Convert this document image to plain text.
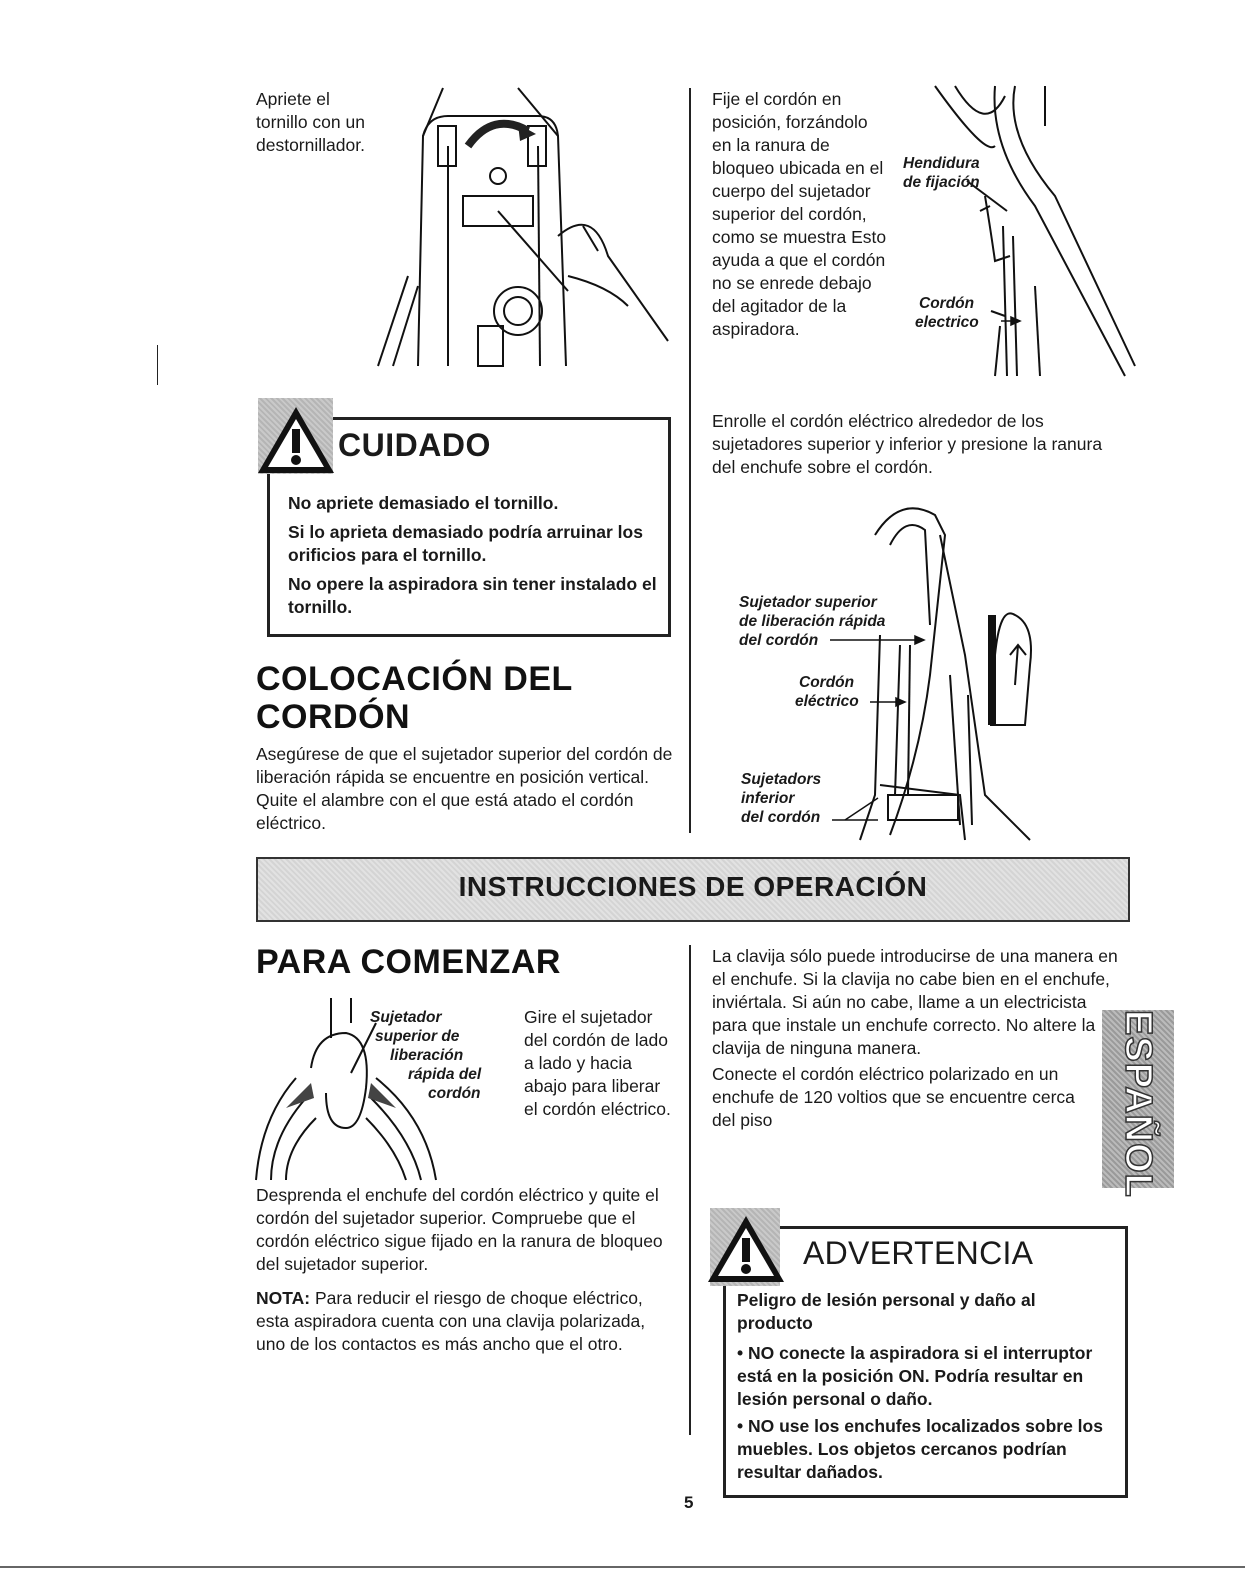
Apriete el tornillo con un destornillador.
CUIDADO
No apriete demasiado el tornillo.
Si lo aprieta demasiado podría arruinar los orificios para el tornillo.
No opere la aspiradora sin tener instalado el tornillo.
COLOCACIÓN DEL
CORDÓN
Asegúrese de que el sujetador superior del cordón de liberación rápida se encuentre en posición vertical. Quite el alambre con el que está atado el cordón eléctrico.
Fije el cordón en posición, forzándolo en la ranura de bloqueo ubicada en el cuerpo del sujetador superior del cordón, como se muestra Esto ayuda a que el cordón no se enrede debajo del agitador de la aspiradora.
Hendidura
de fijación
Cordón
electrico
Enrolle el cordón eléctrico alrededor de los sujetadores superior y inferior y presione la ranura del enchufe sobre el cordón.
Sujetador superior
de liberación rápida
del cordón
Cordón
eléctrico
Sujetadors
inferior
del cordón
INSTRUCCIONES DE OPERACIÓN
PARA COMENZAR
Sujetador
superior de
liberación
rápida del
cordón
Gire el sujetador del cordón de lado a lado y hacia abajo para liberar el cordón eléctrico.
Desprenda el enchufe del cordón eléctrico y quite el cordón del sujetador superior. Compruebe que el cordón eléctrico sigue fijado en la ranura de bloqueo del sujetador superior.
NOTA: Para reducir el riesgo de choque eléctrico, esta aspiradora cuenta con una clavija polarizada, uno de los contactos es más ancho que el otro.
La clavija sólo puede introducirse de una manera en el enchufe. Si la clavija no cabe bien en el enchufe, inviértala. Si aún no cabe, llame a un electricista para que instale un enchufe correcto. No altere la clavija de ninguna manera.
Conecte el cordón eléctrico polarizado en un enchufe de 120 voltios que se encuentre cerca del piso	ESPAÑOL
ADVERTENCIA
Peligro de lesión personal y daño al producto
• NO conecte la aspiradora si el interruptor está en la posición ON. Podría resultar en lesión personal o daño.
• NO use los enchufes localizados sobre los muebles. Los objetos cercanos podrían resultar dañados.
5
